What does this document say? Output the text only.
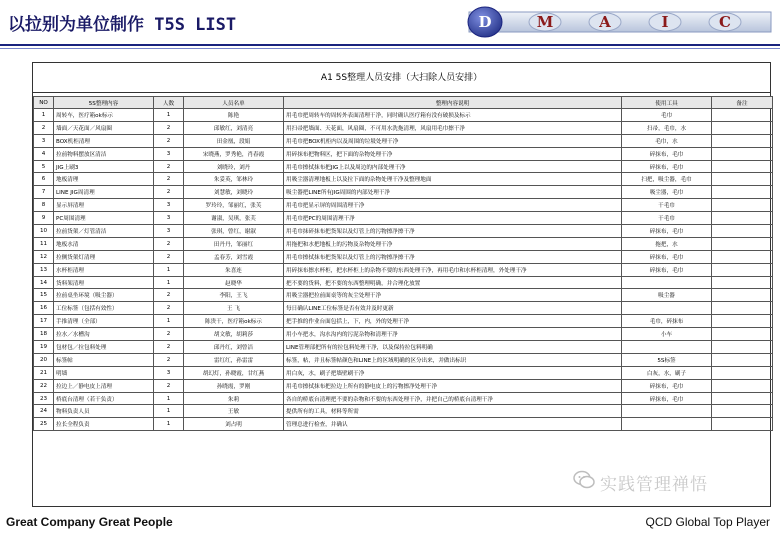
以拉别为单位制作 T5S LIST	D	M	A	I	C
A1 5S整理人员安排（大扫除人员安排）
NO	5S整理内容	人数	人员名单	整理内容说明	使用工具	备注
1	周转车，医疗箱ok标示	1	陈艳	用毛巾把周转车的周转外表面清理干净，同时确认医疗箱有没有破损及标示	毛巾	
2	墙面／天花面／风扇圈	2	邱敏红，刘清亮	用扫帚把墙面、天花面，风扇圈，不可用水洗拖清理，风扇用毛巾擦干净	扫帚，毛巾，水	
3	BOX机柜清理	2	田金凰，段娟	用毛巾把BOX机柜内以及周围的垃圾处理干净	毛巾，水	
4	拉前物料摆放区清洁	3	宋晓燕，罗秀艳，肖春霞	用碎抹布把物料区，把下面的杂物处理干净	碎抹布，毛巾	
5	JIG上刷3	2	刘晓玲，刘丹	用毛巾擦拭抹布把JIG上以及周边的内部处理干净	碎抹布，毛巾	
6	地板清理	2	朱妥英，邹林玲	用吸尘器清理地板上以及拉下面的杂物处理干净及整理地面	扫把，吸尘器，毛巾	
7	LINE JIG周清理	2	刘慧敏，刘晓玲	吸尘器把LINE所有JIG周围的内部处理干净	吸尘器，毛巾	
8	显示屏清理	3	罗玲玲，邹丽红，张芙	用毛巾把显示屏的周围清理干净	干毛巾	
9	PC周围清理	3	谢淑，吴琪，张芙	用毛巾把PC的周围清理干净	干毛巾	
10	拉前货架／灯管清洁	3	张琪，曾红，谢淑	用毛巾抹碎抹布把货架以及灯管上的污物擦净擦干净	碎抹布，毛巾	
11	地板水清	2	田丹丹，邹丽红	用拖把和水把地板上的污物及杂物处理干净	拖把，水	
12	拉侧货架灯清理	2	孟春芳，刘雪霞	用毛巾擦拭抹布把货架以及灯管上的污物擦净擦干净	碎抹布，毛巾	
13	水杯柜清理	1	朱喜连	用碎抹布擦水杯柜，把水杯柜上的杂物不要的东西处理干净，再用毛巾和水杯柜清理，外处理干净	碎抹布，毛巾	
14	货料架清理	1	赵晓华	把不要的货料，把不要的东西整理明确，并合理化放置		
15	拉前桌坐环境（吸尘器）	2	李阳，王飞	用吸尘器把拉前面桌等的灰尘处理干净	吸尘器	
16	工位标签（包括有效性）	2	王 飞	每日确认LINE工位标签是否有效并及时更新		
17	手推清理（全部）	1	陈贵干，医疗箱ok标示	把手推的作业台面包括上，下，内，外的处理干净	毛巾，碎抹布	
18	拉水／水槽沟	2	胡文敏，胡莉莎	用小车把水，沟水沟内的污泥杂物和清理干净	小车	
19	包材包／拉包料处理	2	邱丹红，刘曾洁	LINE管理部把所有的拉包料处理干净，以及保持拉包料明确		
20	标签帖	2	雷红红，孙雷雷	标签，帖，并且标签帖颜色和LINE上的区域明确的区分出来，并做出标识	5S标签	
21	明墙	3	胡幻灯，孙晓霞，甘红燕	用白灰，水，刷子把墙壁刷干净	白灰，水，刷子	
22	拉边上／静电皮上清理	2	孙晓霞，罗刚	用毛巾擦拭抹布把拉边上所有的静电皮上的污物擦净处理干净	碎抹布，毛巾	
23	桥底台清理（若干负责）	1	朱莉	各自的桥底台清理把不要的杂物和不要的东西处理干净，并把自己的桥底台清理干净	碎抹布，毛巾	
24	物料负责人员	1	王敏	提供所有的工具，材料等所需		
25	拉长全程负责	1	刘占明	管理总进行检查，并确认		
实践管理禅悟
Great Company Great People	QCD Global Top Player
